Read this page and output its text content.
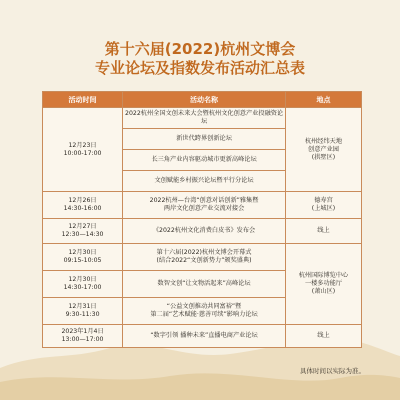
第十六届(2022)杭州文博会
专业论坛及指数发布活动汇总表
活动时间	活动名称	地点
12月23日
10:00-17:00	2022杭州全国文创未来大会暨杭州文化创意产业投融资论坛	杭州经纬天地
创意产业园
(拱墅区)
	新世代跨界创新论坛	
	长三角产业内容驱动城市更新高峰论坛	
	文创赋能乡村振兴论坛暨平行分论坛	
12月26日
14:30-16:00	2022杭州—台湾“创意对话创新”雅集暨
两岸文化创意产业交流对接会	德寿宫
(上城区)
12月27日
12:30—14:30	《2022杭州文化消费白皮书》发布会	线上
12月30日
09:15-10:05	第十六届(2022)杭州文博会开幕式
(结合2022“文创新势力”颁奖盛典)	杭州国际博览中心
一楼多功能厅
(萧山区)
12月30日
14:30-17:00	数智文创“让文物活起来”高峰论坛	
12月31日
9:30-11:30	“公益文创推动共同富裕”暨
第二届“艺术赋能·慈善可续”影响力论坛	
2023年1月4日
13:00—17:00	“数字引领 播种未来”直播电商产业论坛	线上
具体时间以实际为准。
